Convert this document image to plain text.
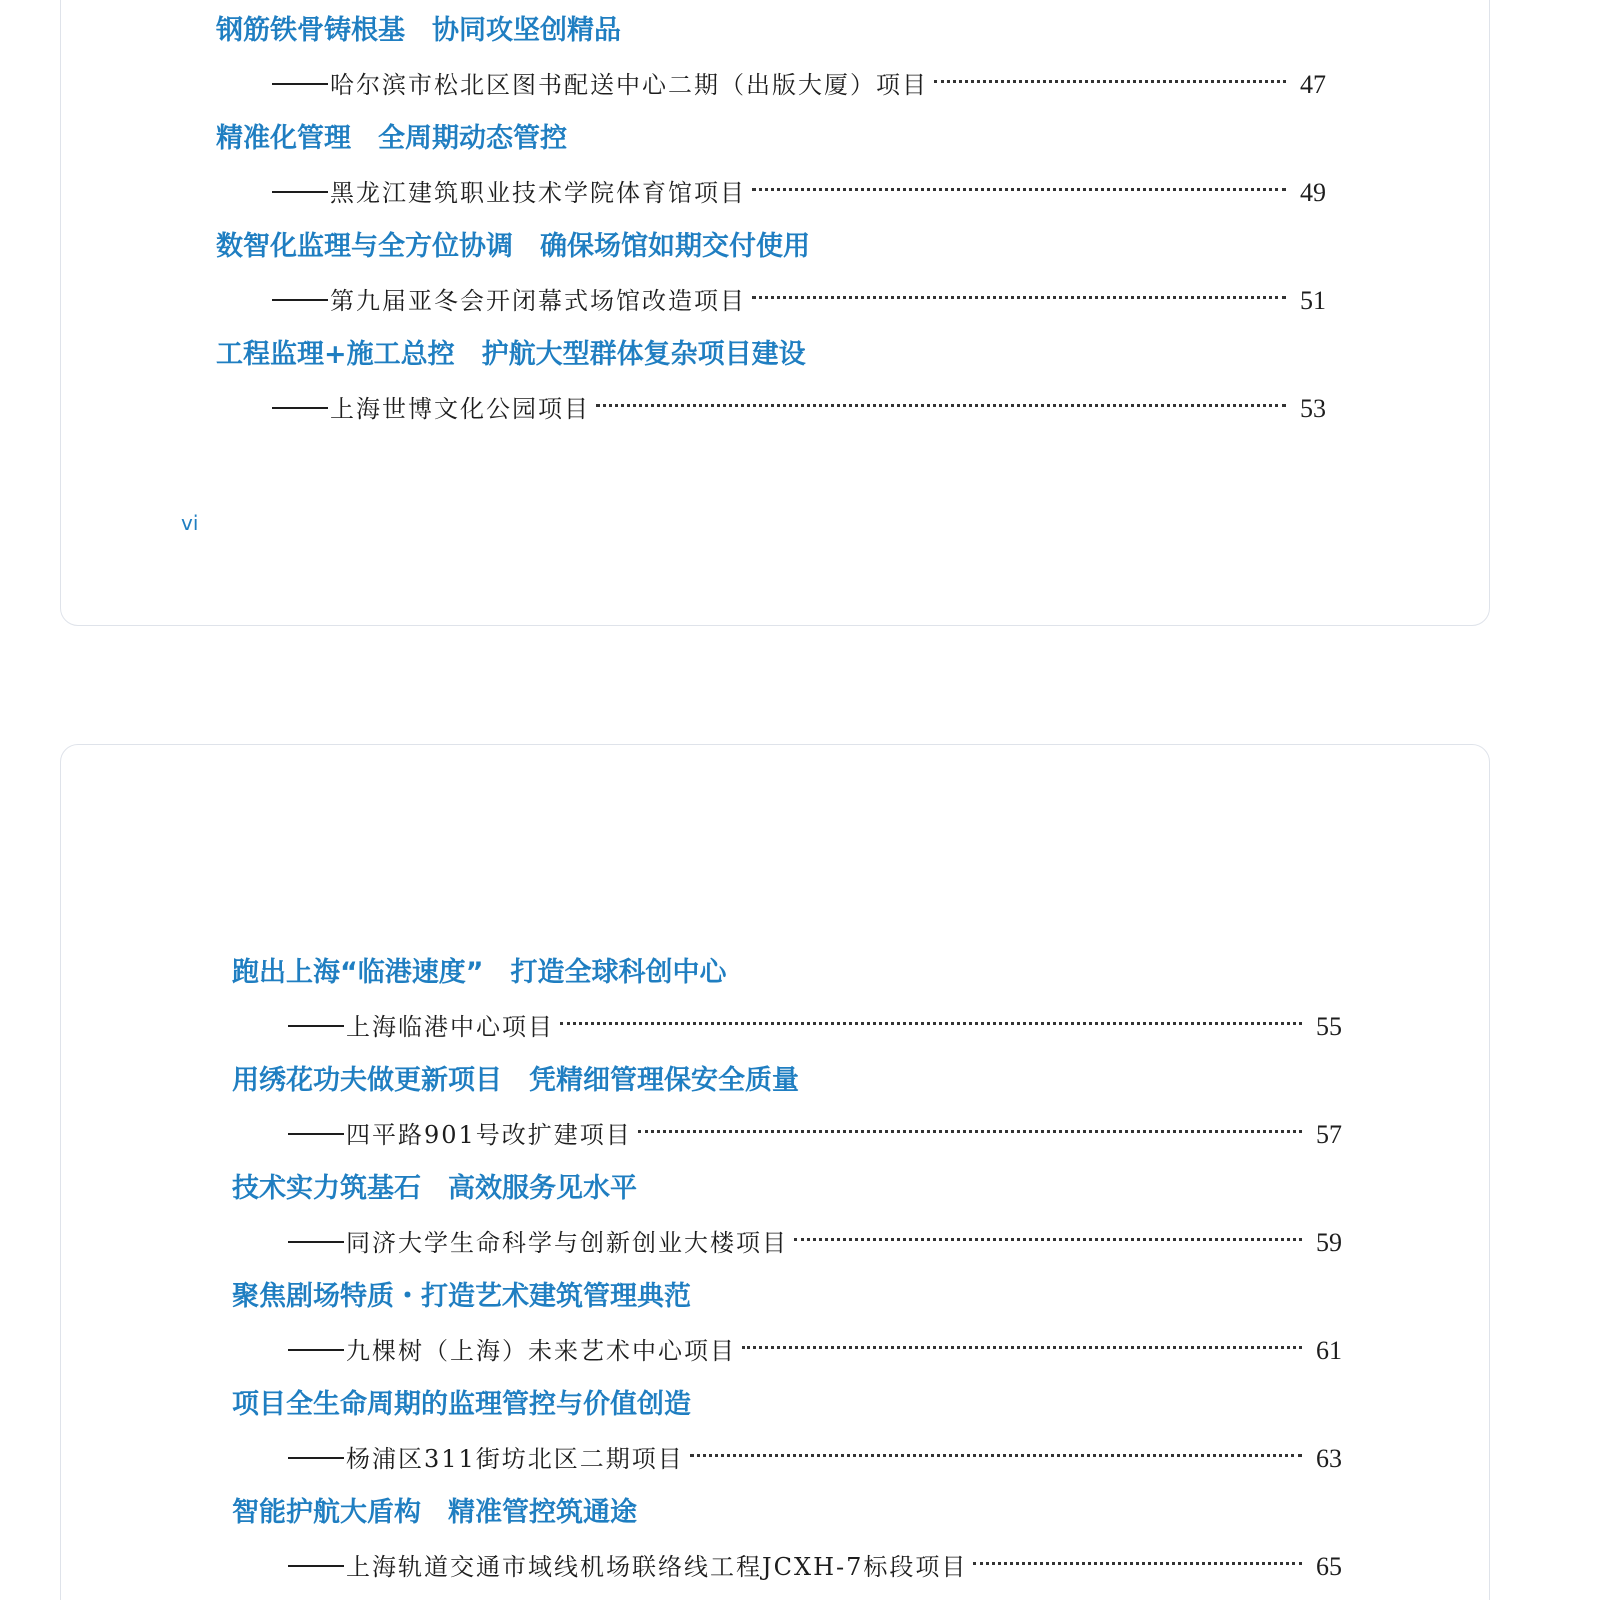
钢筋铁骨铸根基　协同攻坚创精品
哈尔滨市松北区图书配送中心二期（出版大厦）项目	47
精准化管理　全周期动态管控
黑龙江建筑职业技术学院体育馆项目	49
数智化监理与全方位协调　确保场馆如期交付使用
第九届亚冬会开闭幕式场馆改造项目	51
工程监理+施工总控　护航大型群体复杂项目建设
上海世博文化公园项目	53
vi
跑出上海“临港速度”　打造全球科创中心
上海临港中心项目	55
用绣花功夫做更新项目　凭精细管理保安全质量
四平路901号改扩建项目	57
技术实力筑基石　高效服务见水平
同济大学生命科学与创新创业大楼项目	59
聚焦剧场特质・打造艺术建筑管理典范
九棵树（上海）未来艺术中心项目	61
项目全生命周期的监理管控与价值创造
杨浦区311街坊北区二期项目	63
智能护航大盾构　精准管控筑通途
上海轨道交通市域线机场联络线工程JCXH-7标段项目	65
